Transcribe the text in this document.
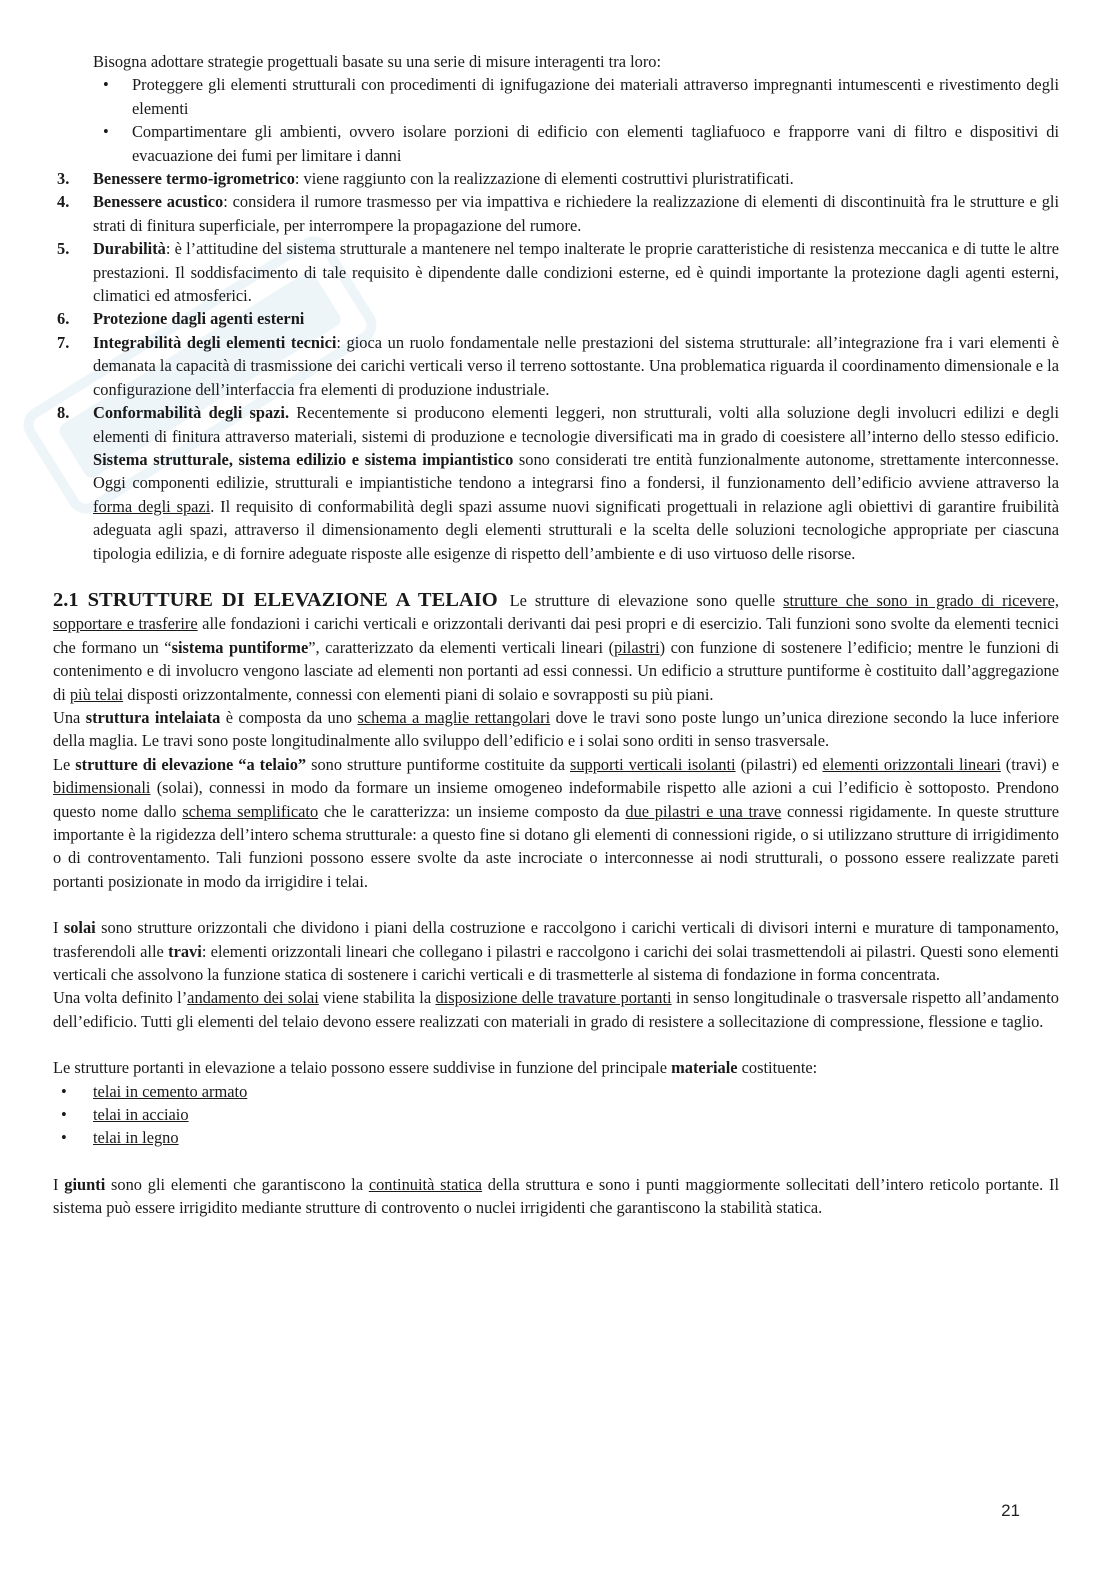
Bisogna adottare strategie progettuali basate su una serie di misure interagenti tra loro:

• Proteggere gli elementi strutturali con procedimenti di ignifugazione dei materiali attraverso impregnanti intumescenti e rivestimento degli elementi
• Compartimentare gli ambienti, ovvero isolare porzioni di edificio con elementi tagliafuoco e frapporre vani di filtro e dispositivi di evacuazione dei fumi per limitare i danni
3. Benessere termo-igrometrico: viene raggiunto con la realizzazione di elementi costruttivi pluristratificati.
4. Benessere acustico: considera il rumore trasmesso per via impattiva e richiedere la realizzazione di elementi di discontinuità fra le strutture e gli strati di finitura superficiale, per interrompere la propagazione del rumore.
5. Durabilità: è l’attitudine del sistema strutturale a mantenere nel tempo inalterate le proprie caratteristiche di resistenza meccanica e di tutte le altre prestazioni. Il soddisfacimento di tale requisito è dipendente dalle condizioni esterne, ed è quindi importante la protezione dagli agenti esterni, climatici ed atmosferici.
6. Protezione dagli agenti esterni
7. Integrabilità degli elementi tecnici: gioca un ruolo fondamentale nelle prestazioni del sistema strutturale: all’integrazione fra i vari elementi è demanata la capacità di trasmissione dei carichi verticali verso il terreno sottostante. Una problematica riguarda il coordinamento dimensionale e la configurazione dell’interfaccia fra elementi di produzione industriale.
8. Conformabilità degli spazi. Recentemente si producono elementi leggeri, non strutturali, volti alla soluzione degli involucri edilizi e degli elementi di finitura attraverso materiali, sistemi di produzione e tecnologie diversificati ma in grado di coesistere all’interno dello stesso edificio. Sistema strutturale, sistema edilizio e sistema impiantistico sono considerati tre entità funzionalmente autonome, strettamente interconnesse. Oggi componenti edilizie, strutturali e impiantistiche tendono a integrarsi fino a fondersi, il funzionamento dell’edificio avviene attraverso la forma degli spazi. Il requisito di conformabilità degli spazi assume nuovi significati progettuali in relazione agli obiettivi di garantire fruibilità adeguata agli spazi, attraverso il dimensionamento degli elementi strutturali e la scelta delle soluzioni tecnologiche appropriate per ciascuna tipologia edilizia, e di fornire adeguate risposte alle esigenze di rispetto dell’ambiente e di uso virtuoso delle risorse.

2.1 STRUTTURE DI ELEVAZIONE A TELAIO Le strutture di elevazione sono quelle strutture che sono in grado di ricevere, sopportare e trasferire alle fondazioni i carichi verticali e orizzontali derivanti dai pesi propri e di esercizio. Tali funzioni sono svolte da elementi tecnici che formano un “sistema puntiforme”, caratterizzato da elementi verticali lineari (pilastri) con funzione di sostenere l’edificio; mentre le funzioni di contenimento e di involucro vengono lasciate ad elementi non portanti ad essi connessi. Un edificio a strutture puntiforme è costituito dall’aggregazione di più telai disposti orizzontalmente, connessi con elementi piani di solaio e sovrapposti su più piani.

Una struttura intelaiata è composta da uno schema a maglie rettangolari dove le travi sono poste lungo un’unica direzione secondo la luce inferiore della maglia. Le travi sono poste longitudinalmente allo sviluppo dell’edificio e i solai sono orditi in senso trasversale.

Le strutture di elevazione “a telaio” sono strutture puntiforme costituite da supporti verticali isolanti (pilastri) ed elementi orizzontali lineari (travi) e bidimensionali (solai), connessi in modo da formare un insieme omogeneo indeformabile rispetto alle azioni a cui l’edificio è sottoposto. Prendono questo nome dallo schema semplificato che le caratterizza: un insieme composto da due pilastri e una trave connessi rigidamente. In queste strutture importante è la rigidezza dell’intero schema strutturale: a questo fine si dotano gli elementi di connessioni rigide, o si utilizzano strutture di irrigidimento o di controventamento. Tali funzioni possono essere svolte da aste incrociate o interconnesse ai nodi strutturali, o possono essere realizzate pareti portanti posizionate in modo da irrigidire i telai.

I solai sono strutture orizzontali che dividono i piani della costruzione e raccolgono i carichi verticali di divisori interni e murature di tamponamento, trasferendoli alle travi: elementi orizzontali lineari che collegano i pilastri e raccolgono i carichi dei solai trasmettendoli ai pilastri. Questi sono elementi verticali che assolvono la funzione statica di sostenere i carichi verticali e di trasmetterle al sistema di fondazione in forma concentrata.

Una volta definito l’andamento dei solai viene stabilita la disposizione delle travature portanti in senso longitudinale o trasversale rispetto all’andamento dell’edificio. Tutti gli elementi del telaio devono essere realizzati con materiali in grado di resistere a sollecitazione di compressione, flessione e taglio.

Le strutture portanti in elevazione a telaio possono essere suddivise in funzione del principale materiale costituente:

• telai in cemento armato
• telai in acciaio
• telai in legno

I giunti sono gli elementi che garantiscono la continuità statica della struttura e sono i punti maggiormente sollecitati dell’intero reticolo portante. Il sistema può essere irrigidito mediante strutture di controvento o nuclei irrigidenti che garantiscono la stabilità statica.

21
